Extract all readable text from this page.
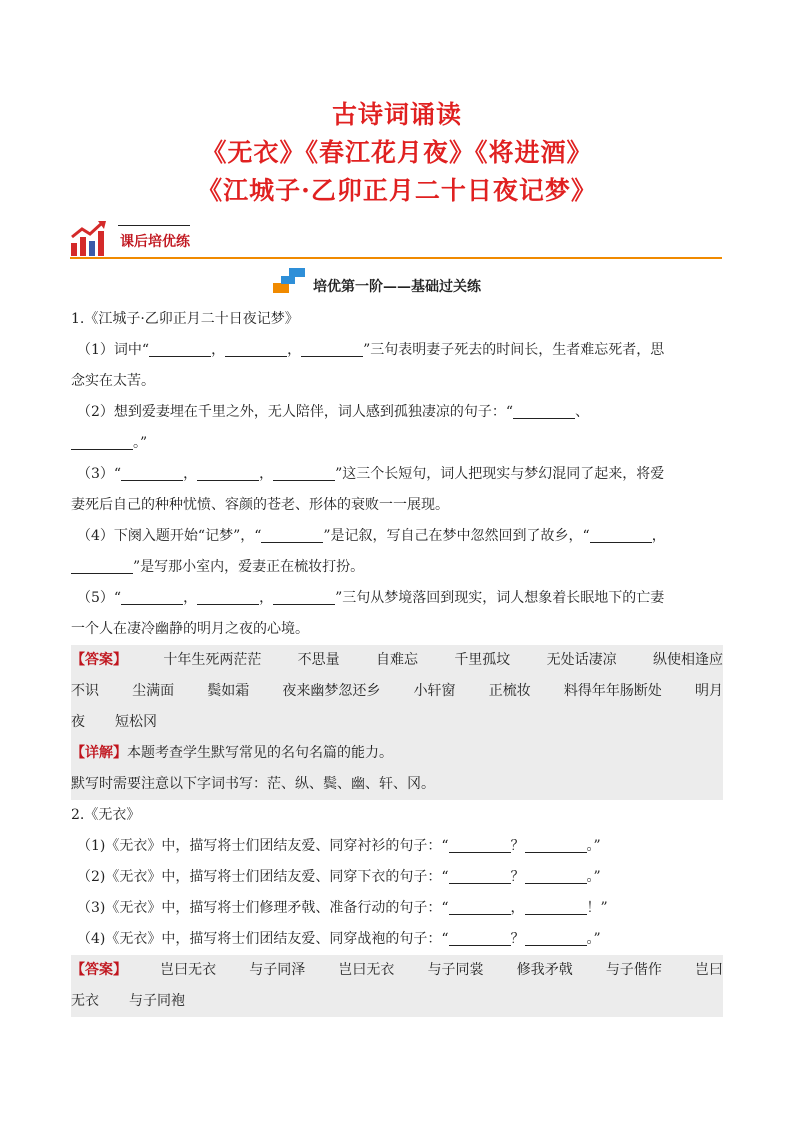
古诗词诵读
《无衣》《春江花月夜》《将进酒》
《江城子·乙卯正月二十日夜记梦》
课后培优练
培优第一阶——基础过关练
1.《江城子·乙卯正月二十日夜记梦》
（1）词中“	，	，	”三句表明妻子死去的时间长，生者难忘死者，思
念实在太苦。
（2）想到爱妻埋在千里之外，无人陪伴，词人感到孤独凄凉的句子：“	、
。”
（3）“	，	，	”这三个长短句，词人把现实与梦幻混同了起来，将爱
妻死后自己的种种忧愤、容颜的苍老、形体的衰败一一展现。
（4）下阕入题开始“记梦”，“	”是记叙，写自己在梦中忽然回到了故乡，“	，
”是写那小室内，爱妻正在梳妆打扮。
（5）“	，	，	”三句从梦境落回到现实，词人想象着长眠地下的亡妻
一个人在凄冷幽静的明月之夜的心境。
【答案】	十年生死两茫茫	不思量	自难忘	千里孤坟	无处话凄凉	纵使相逢应
不识 尘满面 鬓如霜 夜来幽梦忽还乡 小轩窗 正梳妆 料得年年肠断处 明月
夜 短松冈
【详解】本题考查学生默写常见的名句名篇的能力。
默写时需要注意以下字词书写：茫、纵、鬓、幽、轩、冈。
2.《无衣》
（1)《无衣》中，描写将士们团结友爱、同穿衬衫的句子：“	？	。”
（2)《无衣》中，描写将士们团结友爱、同穿下衣的句子：“	？	。”
（3)《无衣》中，描写将士们修理矛戟、准备行动的句子：“	，	！”
（4)《无衣》中，描写将士们团结友爱、同穿战袍的句子：“	？	。”
【答案】 岂曰无衣 与子同泽 岂曰无衣 与子同裳 修我矛戟 与子偕作 岂曰
无衣 与子同袍
